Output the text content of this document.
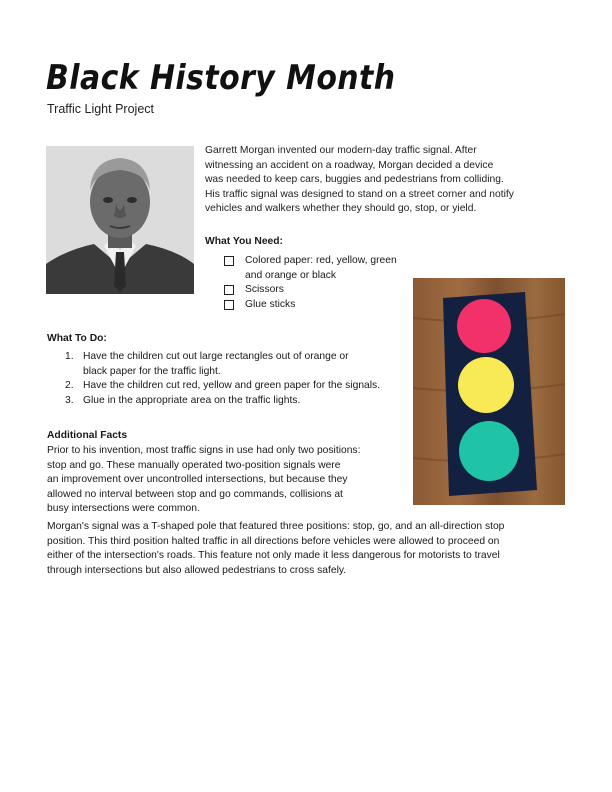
Black History Month
Traffic Light Project
Garrett Morgan invented our modern-day traffic signal. After
witnessing an accident on a roadway, Morgan decided a device
was needed to keep cars, buggies and pedestrians from colliding.
His traffic signal was designed to stand on a street corner and notify
vehicles and walkers whether they should go, stop, or yield.
What You Need:
Colored paper: red, yellow, green and orange or black
Scissors
Glue sticks
What To Do:
1. Have the children cut out large rectangles out of orange or
black paper for the traffic light.
2. Have the children cut red, yellow and green paper for the signals.
3. Glue in the appropriate area on the traffic lights.
Additional Facts
Prior to his invention, most traffic signs in use had only two positions:
stop and go. These manually operated two-position signals were
an improvement over uncontrolled intersections, but because they
allowed no interval between stop and go commands, collisions at
busy intersections were common.
Morgan's signal was a T-shaped pole that featured three positions: stop, go, and an all-direction stop
position. This third position halted traffic in all directions before vehicles were allowed to proceed on
either of the intersection's roads. This feature not only made it less dangerous for motorists to travel
through intersections but also allowed pedestrians to cross safely.
